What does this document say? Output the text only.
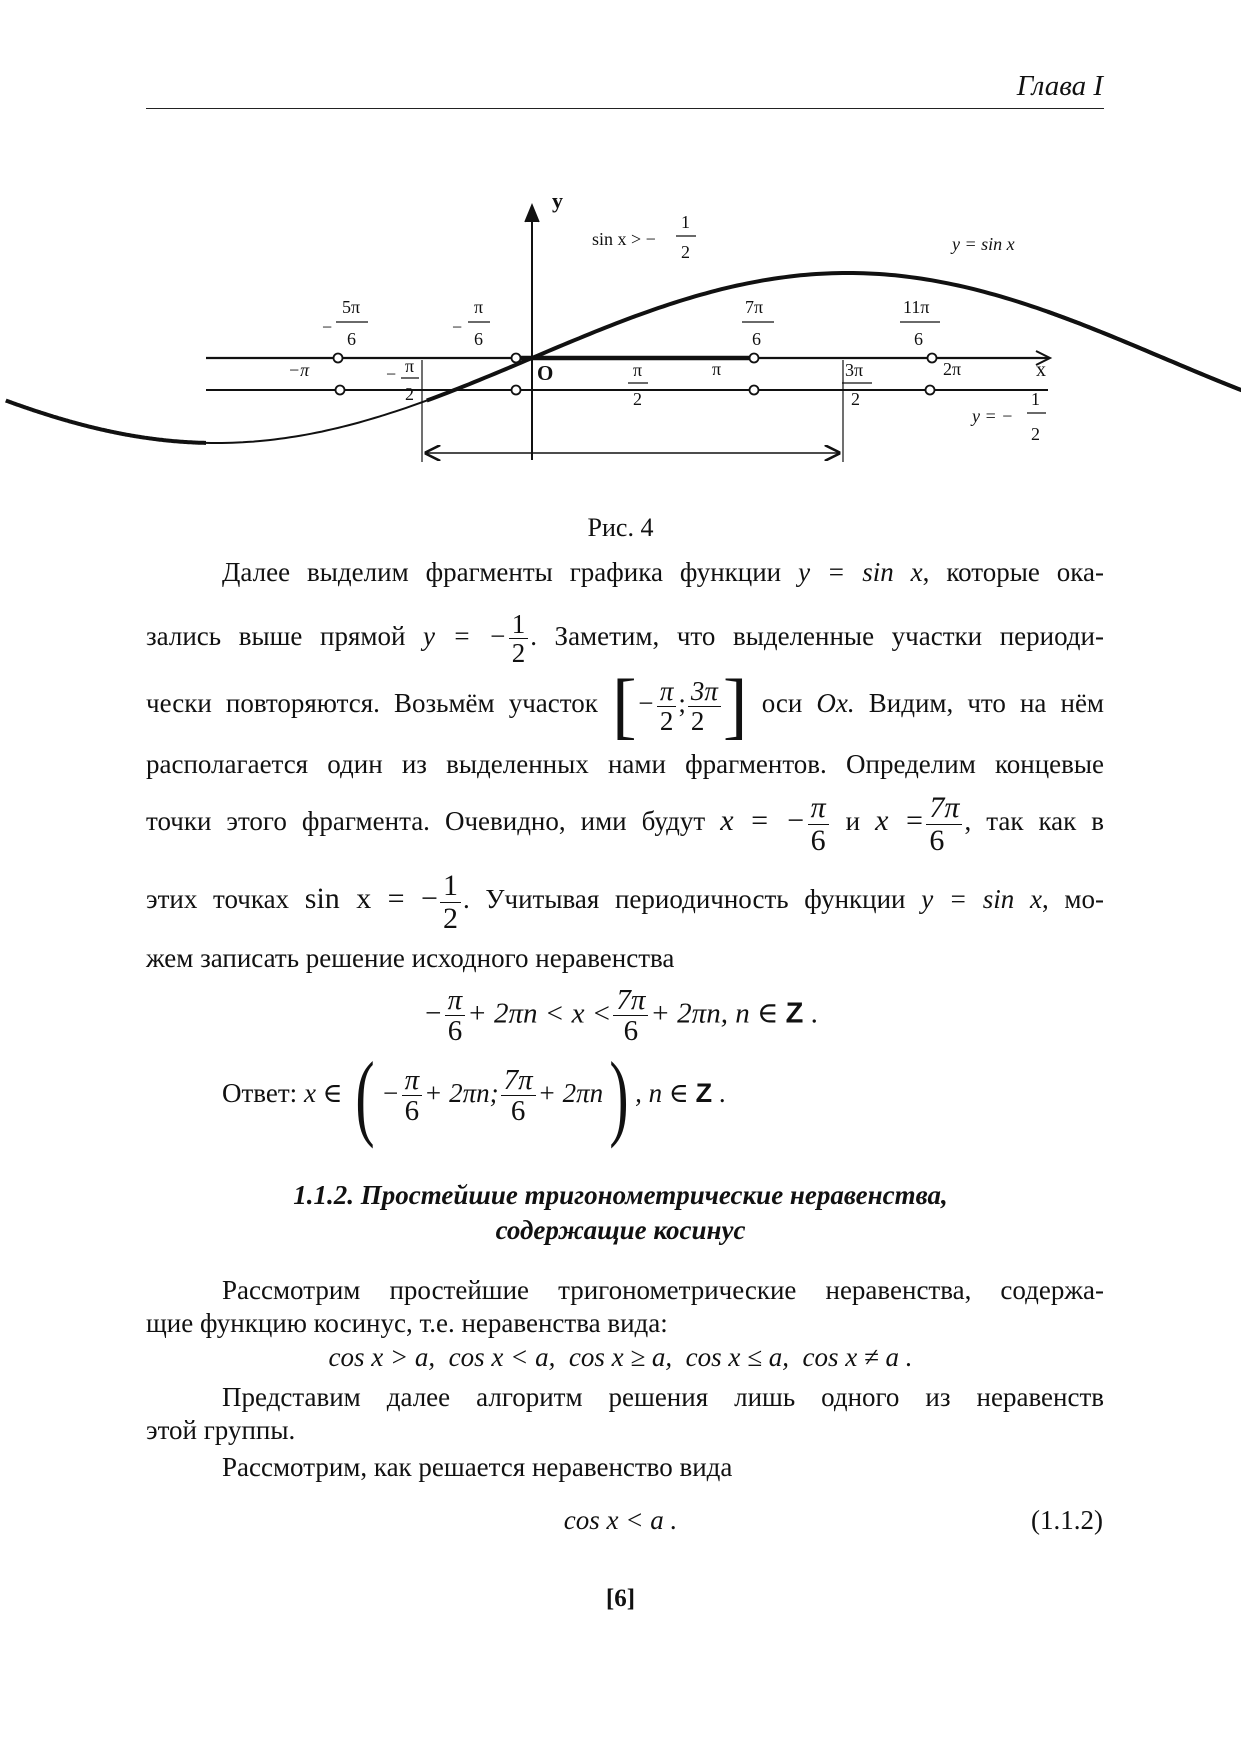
Глава I
y
x
O
sin x > −
1
2	y = sin x
y = −
1
2
−
5π
6
−
π
6
7π
6
11π
6
−π	− π
2
π
2
π	3π
2
2π
Рис. 4
Далее выделим фрагменты графика функции y = sin x, которые ока-
зались выше прямой y = − $\frac{1}{2}$ . Заметим, что выделенные участки периоди-
чески повторяются. Возьмём участок [− $\frac{\pi}{2}$ ; $\frac{3\pi}{2}$ ] оси Ox. Видим, что на нём
располагается один из выделенных нами фрагментов. Определим концевые
точки этого фрагмента. Очевидно, ими будут x = − $\frac{\pi}{6}$ и $x = \frac{7\pi}{6}$ , так как в
этих точках sin x = − $\frac{1}{2}$ . Учитывая периодичность функции y = sin x, мо-
жем записать решение исходного неравенства
− $\frac{\pi}{6} + 2\pi n < x < \frac{7\pi}{6} + 2\pi n$, n ∈ Z .
Ответ: x ∈ ( − $\frac{\pi}{6} + 2\pi n$; $\frac{7\pi}{6} + 2\pi n$) , n ∈ Z .
1.1.2. Простейшие тригонометрические неравенства,
содержащие косинус
Рассмотрим простейшие тригонометрические неравенства, содержа-
щие функцию косинус, т.е. неравенства вида:
cos x > a,  cos x < a,  cos x ≥ a,  cos x ≤ a,  cos x ≠ a .
Представим далее алгоритм решения лишь одного из неравенств
этой группы.
Рассмотрим, как решается неравенство вида
cos x < a .	(1.1.2)
[6]
